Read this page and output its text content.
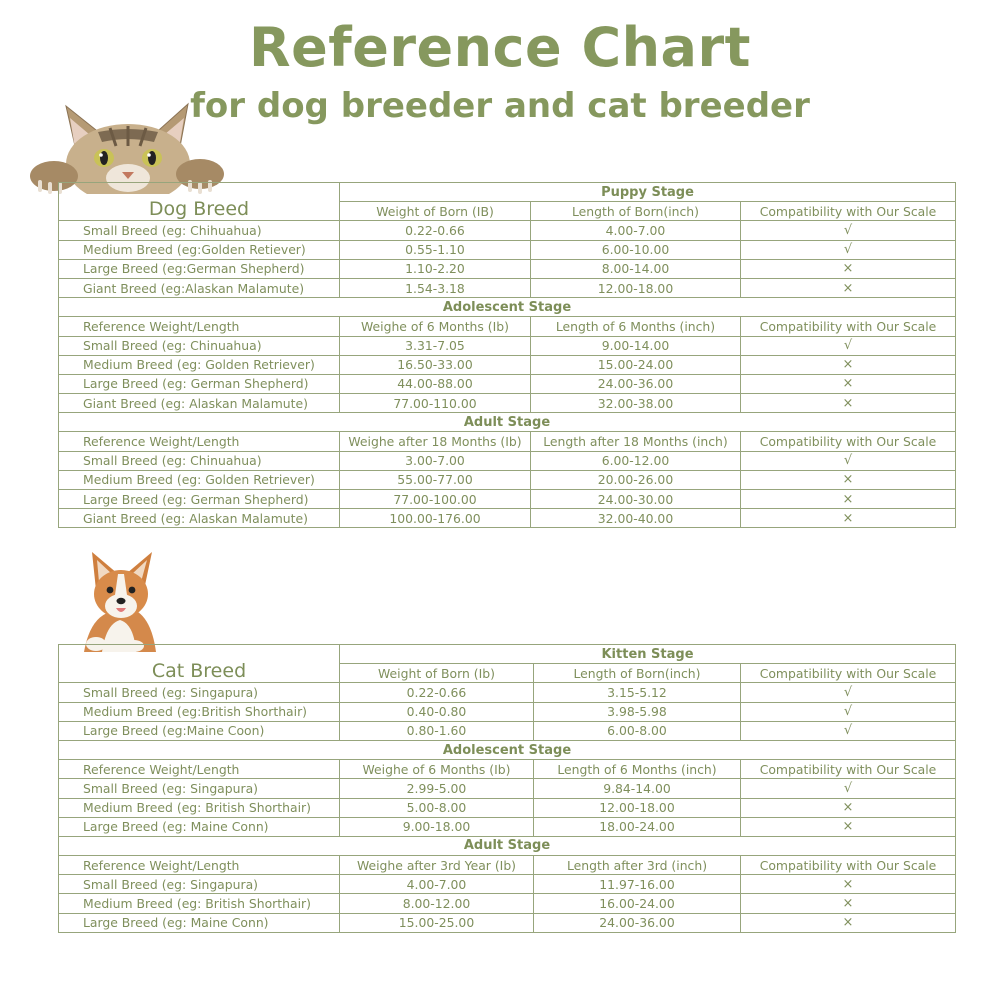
Reference Chart
for dog breeder and cat breeder
Dog Breed	Puppy Stage		
	Weight of Born (IB)	Length of Born(inch)	Compatibility with Our Scale
Small Breed (eg: Chihuahua)	0.22-0.66	4.00-7.00	√
Medium Breed (eg:Golden Retiever)	0.55-1.10	6.00-10.00	√
Large Breed (eg:German Shepherd)	1.10-2.20	8.00-14.00	×
Giant Breed (eg:Alaskan Malamute)	1.54-3.18	12.00-18.00	×
Adolescent Stage			
Reference Weight/Length	Weighe of 6 Months (Ib)	Length of 6 Months (inch)	Compatibility with Our Scale
Small Breed (eg: Chinuahua)	3.31-7.05	9.00-14.00	√
Medium Breed (eg: Golden Retriever)	16.50-33.00	15.00-24.00	×
Large Breed (eg: German Shepherd)	44.00-88.00	24.00-36.00	×
Giant Breed (eg: Alaskan Malamute)	77.00-110.00	32.00-38.00	×
Adult Stage			
Reference Weight/Length	Weighe after 18 Months (Ib)	Length after 18 Months (inch)	Compatibility with Our Scale
Small Breed (eg: Chinuahua)	3.00-7.00	6.00-12.00	√
Medium Breed (eg: Golden Retriever)	55.00-77.00	20.00-26.00	×
Large Breed (eg: German Shepherd)	77.00-100.00	24.00-30.00	×
Giant Breed (eg: Alaskan Malamute)	100.00-176.00	32.00-40.00	×
Cat Breed	Kitten Stage		
	Weight of Born (Ib)	Length of Born(inch)	Compatibility with Our Scale
Small Breed (eg: Singapura)	0.22-0.66	3.15-5.12	√
Medium Breed (eg:British Shorthair)	0.40-0.80	3.98-5.98	√
Large Breed (eg:Maine Coon)	0.80-1.60	6.00-8.00	√
Adolescent Stage			
Reference Weight/Length	Weighe of 6 Months (Ib)	Length of 6 Months (inch)	Compatibility with Our Scale
Small Breed (eg: Singapura)	2.99-5.00	9.84-14.00	√
Medium Breed (eg: British Shorthair)	5.00-8.00	12.00-18.00	×
Large Breed (eg: Maine Conn)	9.00-18.00	18.00-24.00	×
Adult Stage			
Reference Weight/Length	Weighe after 3rd Year (Ib)	Length after 3rd (inch)	Compatibility with Our Scale
Small Breed (eg: Singapura)	4.00-7.00	11.97-16.00	×
Medium Breed (eg: British Shorthair)	8.00-12.00	16.00-24.00	×
Large Breed (eg: Maine Conn)	15.00-25.00	24.00-36.00	×
